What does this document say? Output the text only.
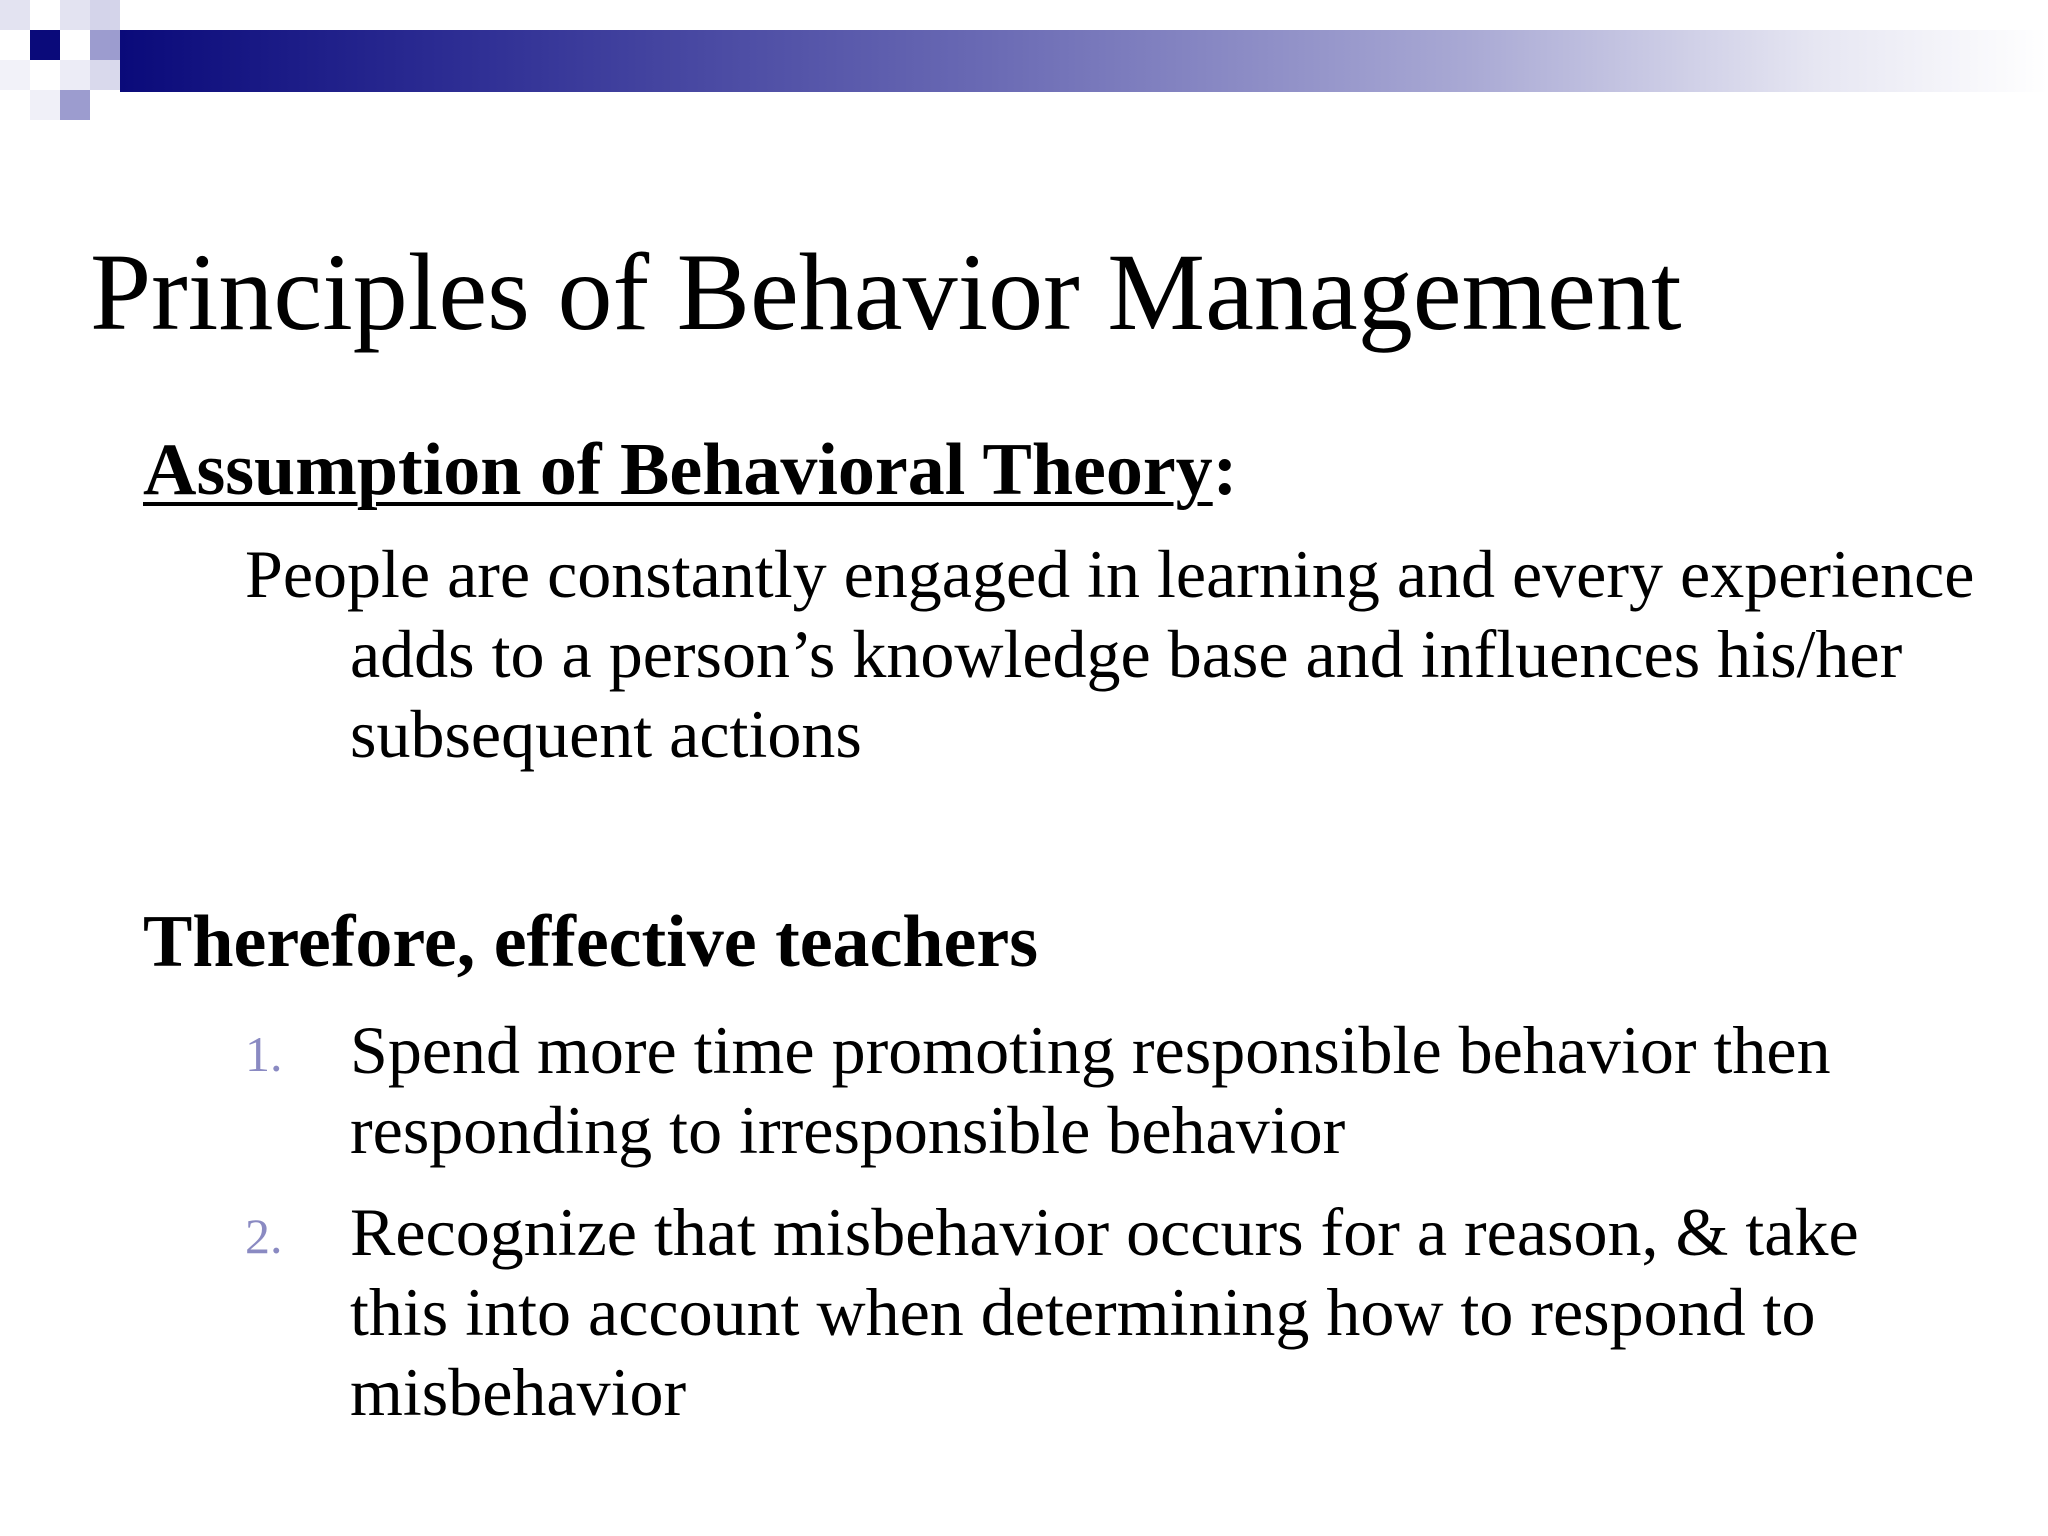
Principles of Behavior Management
Assumption of Behavioral Theory:
People are constantly engaged in learning and every experience adds to a person’s knowledge base and influences his/her subsequent actions
Therefore, effective teachers
1. Spend more time promoting responsible behavior then responding to irresponsible behavior
2. Recognize that misbehavior occurs for a reason, & take this into account when determining how to respond to misbehavior
